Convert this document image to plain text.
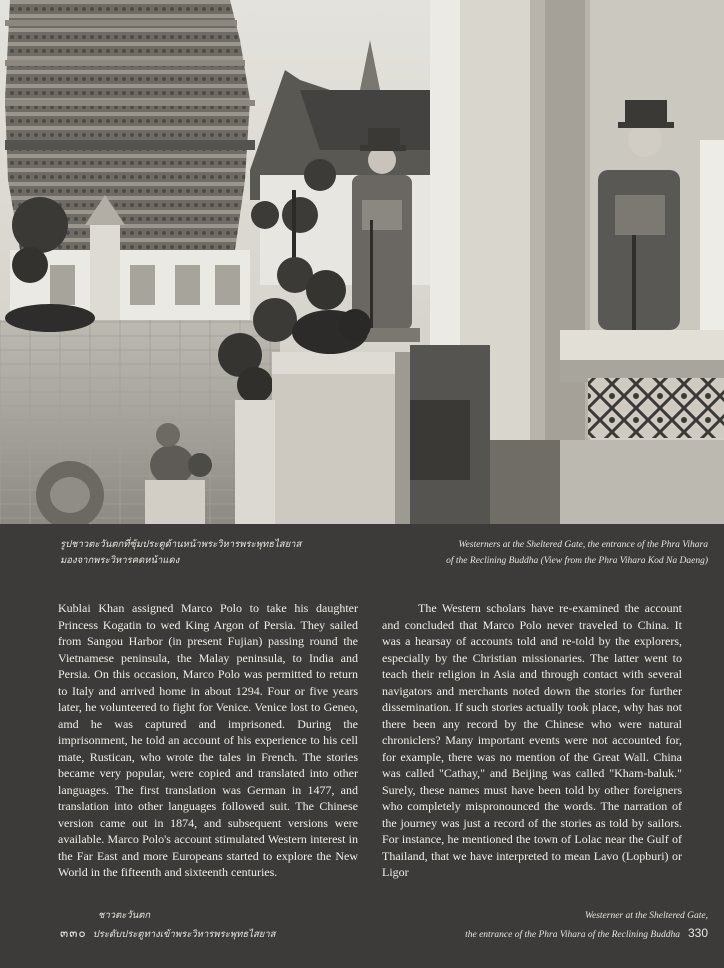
รูปชาวตะวันตกที่ซุ้มประตูด้านหน้าพระวิหารพระพุทธไสยาส
มองจากพระวิหารคดหน้าแดง
Westerners at the Sheltered Gate, the entrance of the Phra Vihara
of the Reclining Buddha (View from the Phra Vihara Kod Na Daeng)

Kublai Khan assigned Marco Polo to take his daughter Princess Kogatin to wed King Argon of Persia. They sailed from Sangou Harbor (in present Fujian) passing round the Vietnamese peninsula, the Malay peninsula, to India and Persia. On this occasion, Marco Polo was permitted to return to Italy and arrived home in about 1294. Four or five years later, he volunteered to fight for Venice. Venice lost to Geneo, amd he was captured and imprisoned. During the imprisonment, he told an account of his experience to his cell mate, Rustican, who wrote the tales in French. The stories became very popular, were copied and translated into other languages. The first translation was German in 1477, and translation into other languages followed suit. The Chinese version came out in 1874, and subsequent versions were available. Marco Polo's account stimulated Western interest in the Far East and more Europeans started to explore the New World in the fifteenth and sixteenth centuries.

The Western scholars have re-examined the account and concluded that Marco Polo never traveled to China. It was a hearsay of accounts told and re-told by the explorers, especially by the Christian missionaries. The latter went to teach their religion in Asia and through contact with several navigators and merchants noted down the stories for further dissemination. If such stories actually took place, why has not there been any record by the Chinese who were natural chroniclers? Many important events were not accounted for, for example, there was no mention of the Great Wall. China was called "Cathay," and Beijing was called "Kham-baluk." Surely, these names must have been told by other foreigners who completely mispronounced the words. The narration of the journey was just a record of the stories as told by sailors. For instance, he mentioned the town of Lolac near the Gulf of Thailand, that we have interpreted to mean Lavo (Lopburi) or Ligor

ชาวตะวันตก
๓๓๐ ประดับประตูทางเข้าพระวิหารพระพุทธไสยาส
Westerner at the Sheltered Gate,
the entrance of the Phra Vihara of the Reclining Buddha 330
